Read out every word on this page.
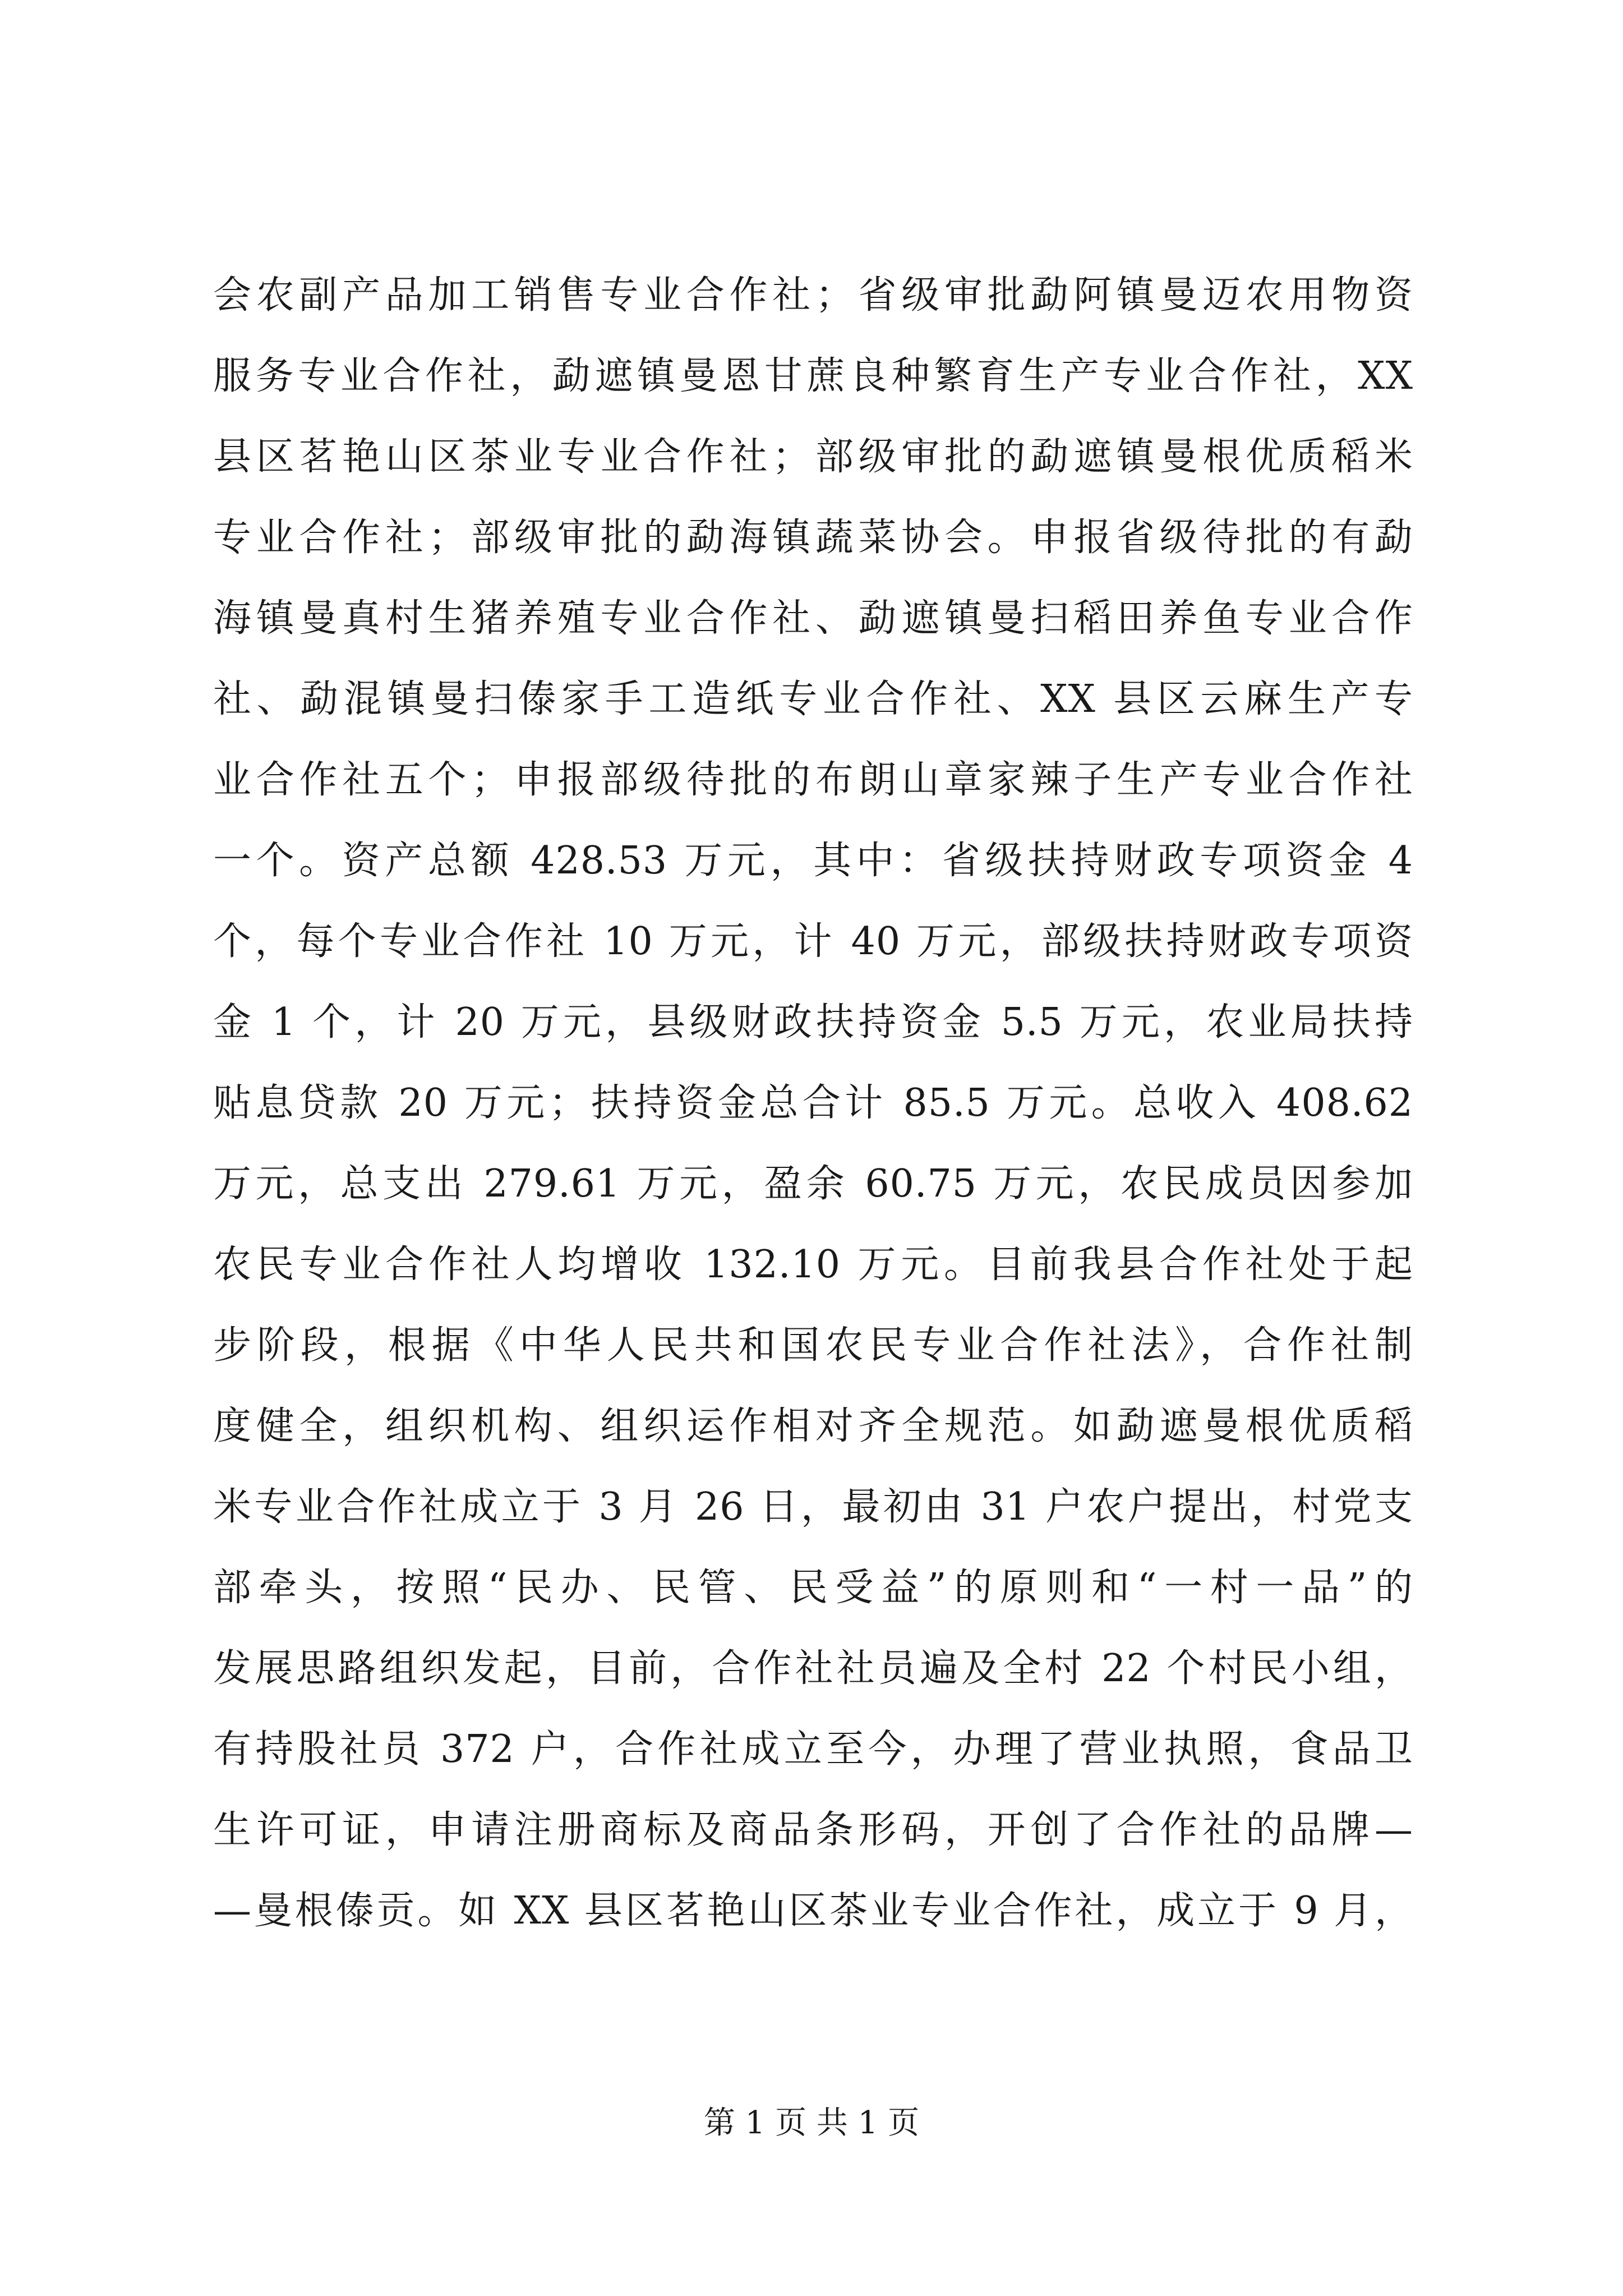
会农副产品加工销售专业合作社；省级审批勐阿镇曼迈农用物资
服务专业合作社，勐遮镇曼恩甘蔗良种繁育生产专业合作社，XX
县区茗艳山区茶业专业合作社；部级审批的勐遮镇曼根优质稻米
专业合作社；部级审批的勐海镇蔬菜协会。申报省级待批的有勐
海镇曼真村生猪养殖专业合作社、勐遮镇曼扫稻田养鱼专业合作
社、勐混镇曼扫傣家手工造纸专业合作社、XX 县区云麻生产专
业合作社五个；申报部级待批的布朗山章家辣子生产专业合作社
一个。资产总额 428.53 万元，其中：省级扶持财政专项资金 4
个，每个专业合作社 10 万元，计 40 万元，部级扶持财政专项资
金 1 个，计 20 万元，县级财政扶持资金 5.5 万元，农业局扶持
贴息贷款 20 万元；扶持资金总合计 85.5 万元。总收入 408.62
万元，总支出 279.61 万元，盈余 60.75 万元，农民成员因参加
农民专业合作社人均增收 132.10 万元。目前我县合作社处于起
步阶段，根据《中华人民共和国农民专业合作社法》，合作社制
度健全，组织机构、组织运作相对齐全规范。如勐遮曼根优质稻
米专业合作社成立于 3 月 26 日，最初由 31 户农户提出，村党支
部牵头，按照“民办、民管、民受益”的原则和“一村一品”的
发展思路组织发起，目前，合作社社员遍及全村 22 个村民小组，
有持股社员 372 户，合作社成立至今，办理了营业执照，食品卫
生许可证，申请注册商标及商品条形码，开创了合作社的品牌—
—曼根傣贡。如 XX 县区茗艳山区茶业专业合作社，成立于 9 月，
第 1 页 共 1 页
